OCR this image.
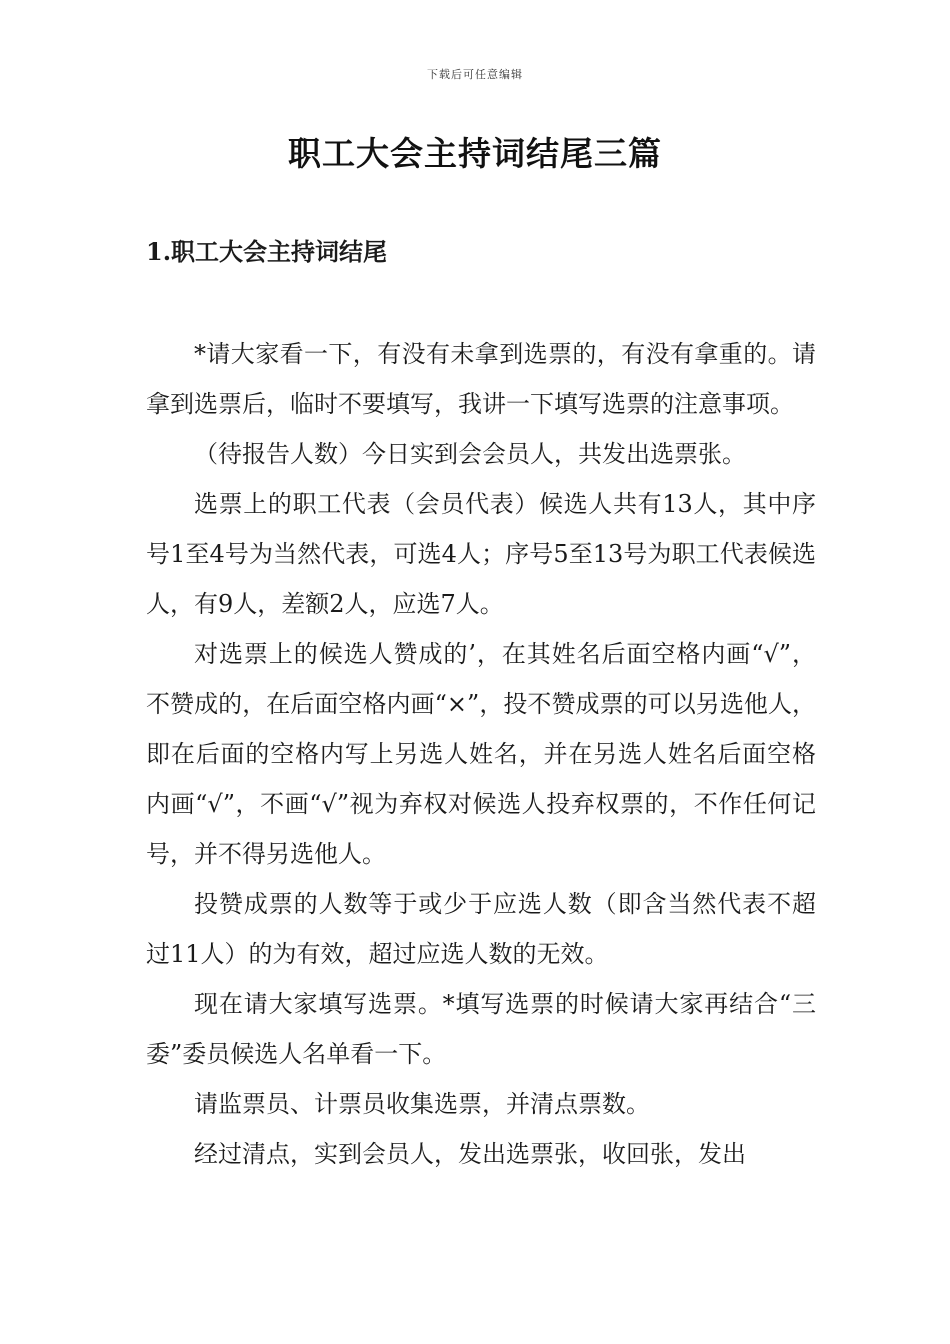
下载后可任意编辑
职工大会主持词结尾三篇
1.职工大会主持词结尾

*请大家看一下，有没有未拿到选票的，有没有拿重的。请拿到选票后，临时不要填写，我讲一下填写选票的注意事项。

（待报告人数）今日实到会会员人，共发出选票张。

选票上的职工代表（会员代表）候选人共有13人，其中序号1至4号为当然代表，可选4人；序号5至13号为职工代表候选人，有9人，差额2人，应选7人。

对选票上的候选人赞成的’，在其姓名后面空格内画“√”，不赞成的，在后面空格内画“×”，投不赞成票的可以另选他人，即在后面的空格内写上另选人姓名，并在另选人姓名后面空格内画“√”，不画“√”视为弃权对候选人投弃权票的，不作任何记号，并不得另选他人。

投赞成票的人数等于或少于应选人数（即含当然代表不超过11人）的为有效，超过应选人数的无效。

现在请大家填写选票。*填写选票的时候请大家再结合“三委”委员候选人名单看一下。

请监票员、计票员收集选票，并清点票数。

经过清点，实到会员人，发出选票张，收回张，发出
